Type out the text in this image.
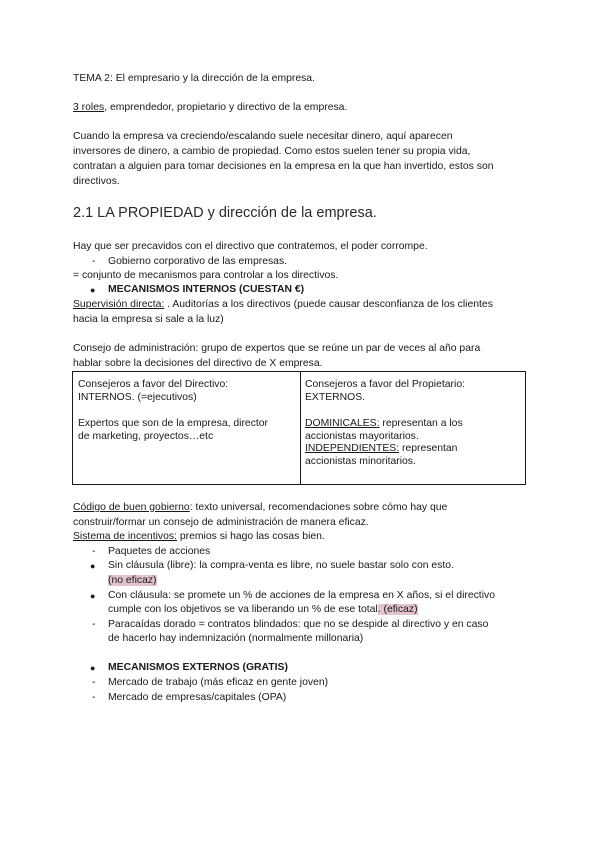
TEMA 2: El empresario y la dirección de la empresa.
3 roles, emprendedor, propietario y directivo de la empresa.
Cuando la empresa va creciendo/escalando suele necesitar dinero, aquí aparecen
inversores de dinero, a cambio de propiedad. Como estos suelen tener su propia vida,
contratan a alguien para tomar decisiones en la empresa en la que han invertido, estos son
directivos.
2.1 LA PROPIEDAD y dirección de la empresa.
Hay que ser precavidos con el directivo que contratemos, el poder corrompe.
- Gobierno corporativo de las empresas.
= conjunto de mecanismos para controlar a los directivos.
● MECANISMOS INTERNOS (CUESTAN €)
Supervisión directa: . Auditorías a los directivos (puede causar desconfianza de los clientes
hacia la empresa si sale a la luz)
Consejo de administración: grupo de expertos que se reúne un par de veces al año para
hablar sobre la decisiones del directivo de X empresa.
Consejeros a favor del Directivo:
INTERNOS. (=ejecutivos)
Expertos que son de la empresa, director
de marketing, proyectos…etc
Consejeros a favor del Propietario:
EXTERNOS.
DOMINICALES: representan a los
accionistas mayoritarios.
INDEPENDIENTES: representan
accionistas minoritarios.
Código de buen gobierno: texto universal, recomendaciones sobre cómo hay que
construir/formar un consejo de administración de manera eficaz.
Sistema de incentivos: premios si hago las cosas bien.
- Paquetes de acciones
● Sin cláusula (libre): la compra-venta es libre, no suele bastar solo con esto.
(no eficaz)
● Con cláusula: se promete un % de acciones de la empresa en X años, si el directivo
cumple con los objetivos se va liberando un % de ese total. (eficaz)
- Paracaídas dorado = contratos blindados: que no se despide al directivo y en caso
de hacerlo hay indemnización (normalmente millonaria)
● MECANISMOS EXTERNOS (GRATIS)
- Mercado de trabajo (más eficaz en gente joven)
- Mercado de empresas/capitales (OPA)
